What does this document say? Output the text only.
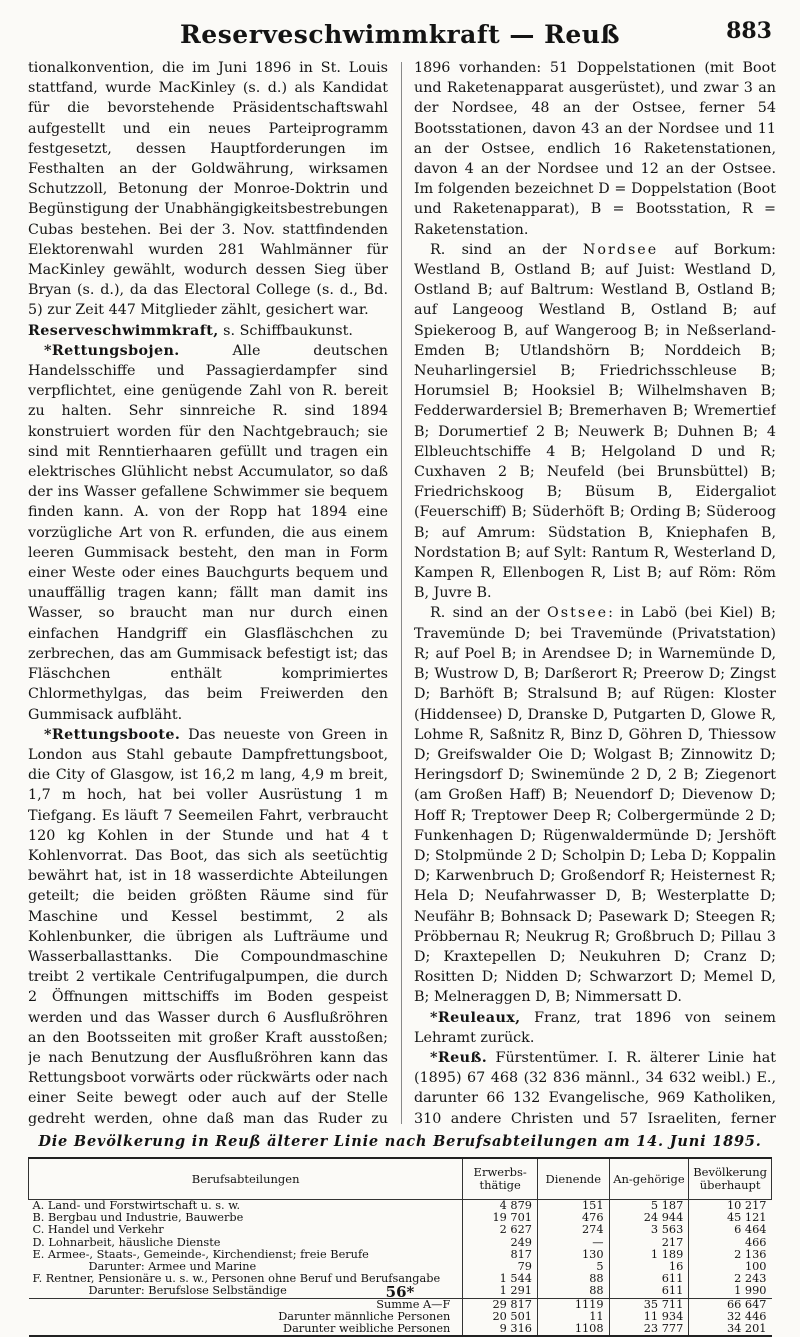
Reserveschwimmkraft — Reuß	883

tionalkonvention, die im Juni 1896 in St. Louis stattfand, wurde MacKinley (s. d.) als Kandidat für die bevorstehende Präsidentschaftswahl aufgestellt und ein neues Parteiprogramm festgesetzt, dessen Hauptforderungen im Festhalten an der Goldwährung, wirksamen Schutzzoll, Betonung der Monroe-Doktrin und Begünstigung der Unabhängigkeitsbestrebungen Cubas bestehen. Bei der 3. Nov. stattfindenden Elektorenwahl wurden 281 Wahlmänner für MacKinley gewählt, wodurch dessen Sieg über Bryan (s. d.), da das Electoral College (s. d., Bd. 5) zur Zeit 447 Mitglieder zählt, gesichert war.

Reserveschwimmkraft, s. Schiffbaukunst.

*Rettungsbojen. Alle deutschen Handelsschiffe und Passagierdampfer sind verpflichtet, eine genügende Zahl von R. bereit zu halten. Sehr sinnreiche R. sind 1894 konstruiert worden für den Nachtgebrauch; sie sind mit Renntierhaaren gefüllt und tragen ein elektrisches Glühlicht nebst Accumulator, so daß der ins Wasser gefallene Schwimmer sie bequem finden kann. A. von der Ropp hat 1894 eine vorzügliche Art von R. erfunden, die aus einem leeren Gummisack besteht, den man in Form einer Weste oder eines Bauchgurts bequem und unauffällig tragen kann; fällt man damit ins Wasser, so braucht man nur durch einen einfachen Handgriff ein Glasfläschchen zu zerbrechen, das am Gummisack befestigt ist; das Fläschchen enthält komprimiertes Chlormethylgas, das beim Freiwerden den Gummisack aufbläht.

*Rettungsboote. Das neueste von Green in London aus Stahl gebaute Dampfrettungsboot, die City of Glasgow, ist 16,2 m lang, 4,9 m breit, 1,7 m hoch, hat bei voller Ausrüstung 1 m Tiefgang. Es läuft 7 Seemeilen Fahrt, verbraucht 120 kg Kohlen in der Stunde und hat 4 t Kohlenvorrat. Das Boot, das sich als seetüchtig bewährt hat, ist in 18 wasserdichte Abteilungen geteilt; die beiden größten Räume sind für Maschine und Kessel bestimmt, 2 als Kohlenbunker, die übrigen als Lufträume und Wasserballasttanks. Die Compoundmaschine treibt 2 vertikale Centrifugalpumpen, die durch 2 Öffnungen mittschiffs im Boden gespeist werden und das Wasser durch 6 Ausflußröhren an den Bootsseiten mit großer Kraft ausstoßen; je nach Benutzung der Ausflußröhren kann das Rettungsboot vorwärts oder rückwärts oder nach einer Seite bewegt oder auch auf der Stelle gedreht werden, ohne daß man das Ruder zu

1896 vorhanden: 51 Doppelstationen (mit Boot und Raketenapparat ausgerüstet), und zwar 3 an der Nordsee, 48 an der Ostsee, ferner 54 Bootsstationen, davon 43 an der Nordsee und 11 an der Ostsee, endlich 16 Raketenstationen, davon 4 an der Nordsee und 12 an der Ostsee. Im folgenden bezeichnet D = Doppelstation (Boot und Raketenapparat), B = Bootsstation, R = Raketenstation.

R. sind an der Nordsee auf Borkum: Westland B, Ostland B; auf Juist: Westland D, Ostland B; auf Baltrum: Westland B, Ostland B; auf Langeoog Westland B, Ostland B; auf Spiekeroog B, auf Wangeroog B; in Neßserland-Emden B; Utlandshörn B; Norddeich B; Neuharlingersiel B; Friedrichsschleuse B; Horumsiel B; Hooksiel B; Wilhelmshaven B; Fedderwardersiel B; Bremerhaven B; Wremertief B; Dorumertief 2 B; Neuwerk B; Duhnen B; 4 Elbleuchtschiffe 4 B; Helgoland D und R; Cuxhaven 2 B; Neufeld (bei Brunsbüttel) B; Friedrichskoog B; Büsum B, Eidergaliot (Feuerschiff) B; Süderhöft B; Ording B; Süderoog B; auf Amrum: Südstation B, Kniephafen B, Nordstation B; auf Sylt: Rantum R, Westerland D, Kampen R, Ellenbogen R, List B; auf Röm: Röm B, Juvre B.

R. sind an der Ostsee: in Labö (bei Kiel) B; Travemünde D; bei Travemünde (Privatstation) R; auf Poel B; in Arendsee D; in Warnemünde D, B; Wustrow D, B; Darßerort R; Preerow D; Zingst D; Barhöft B; Stralsund B; auf Rügen: Kloster (Hiddensee) D, Dranske D, Putgarten D, Glowe R, Lohme R, Saßnitz R, Binz D, Göhren D, Thiessow D; Greifswalder Oie D; Wolgast B; Zinnowitz D; Heringsdorf D; Swinemünde 2 D, 2 B; Ziegenort (am Großen Haff) B; Neuendorf D; Dievenow D; Hoff R; Treptower Deep R; Colbergermünde 2 D; Funkenhagen D; Rügenwaldermünde D; Jershöft D; Stolpmünde 2 D; Scholpin D; Leba D; Koppalin D; Karwenbruch D; Großendorf R; Heisternest R; Hela D; Neufahrwasser D, B; Westerplatte D; Neufähr B; Bohnsack D; Pasewark D; Steegen R; Pröbbernau R; Neukrug R; Großbruch D; Pillau 3 D; Kraxtepellen D; Neukuhren D; Cranz D; Rositten D; Nidden D; Schwarzort D; Memel D, B; Melneraggen D, B; Nimmersatt D.

*Reuleaux, Franz, trat 1896 von seinem Lehramt zurück.

*Reuß. Fürstentümer. I. R. älterer Linie hat (1895) 67 468 (32 836 männl., 34 632 weibl.) E., darunter 66 132 Evangelische, 969 Katholiken, 310 andere Christen und 57 Israeliten, ferner

Die Bevölkerung in Reuß älterer Linie nach Berufsabteilungen am 14. Juni 1895.
Berufsabteilungen	Erwerbs-thätige	Dienende	An-gehörige	Bevölkerung überhaupt
A. Land- und Forstwirtschaft u. s. w.	4 879	151	5 187	10 217
B. Bergbau und Industrie, Bauwerbe	19 701	476	24 944	45 121
C. Handel und Verkehr	2 627	274	3 563	6 464
D. Lohnarbeit, häusliche Dienste	249	—	217	466
E. Armee-, Staats-, Gemeinde-, Kirchendienst; freie Berufe	817	130	1 189	2 136
Darunter: Armee und Marine	79	5	16	100
F. Rentner, Pensionäre u. s. w., Personen ohne Beruf und Berufsangabe	1 544	88	611	2 243
Darunter: Berufslose Selbständige	1 291	88	611	1 990
Summe A—F	29 817	1119	35 711	66 647
Darunter männliche Personen	20 501	11	11 934	32 446
Darunter weibliche Personen	9 316	1108	23 777	34 201
56*
